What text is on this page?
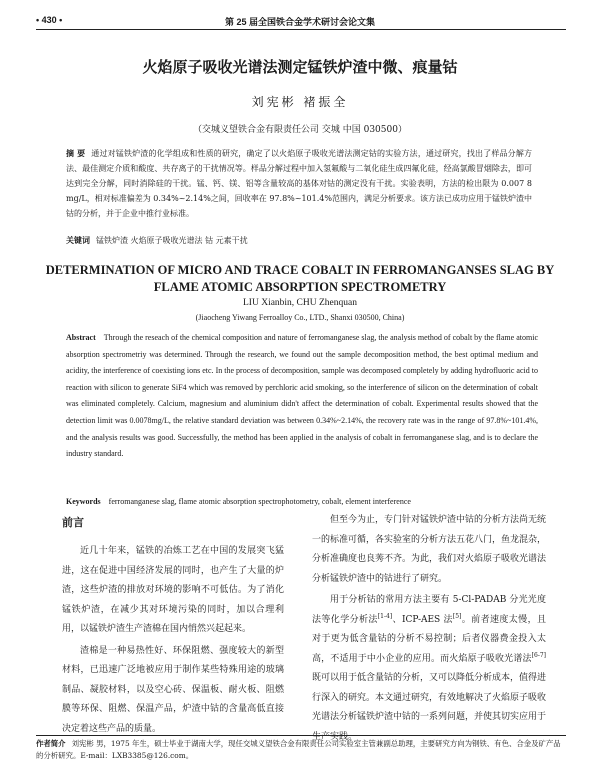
• 430 •	第 25 届全国铁合金学术研讨会论文集
火焰原子吸收光谱法测定锰铁炉渣中微、痕量钴
刘宪彬 褚振全
（交城义望铁合金有限责任公司 交城 中国 030500）
摘 要 通过对锰铁炉渣的化学组成和性质的研究，确定了以火焰原子吸收光谱法测定钴的实验方法，通过研究，找出了样品分解方法、最佳测定介质和酸度、共存离子的干扰情况等。样品分解过程中加入氢氟酸与二氧化硅生成四氟化硅，经高氯酸冒烟除去，即可达到完全分解，同时消除硅的干扰。锰、钙、镁、铝等含量较高的基体对钴的测定没有干扰。实验表明，方法的检出限为 0.007 8 mg/L，相对标准偏差为 0.34%~2.14%之间，回收率在 97.8%~101.4%范围内，满足分析要求。该方法已成功应用于锰铁炉渣中钴的分析，并于企业中推行业标准。
关键词 锰铁炉渣 火焰原子吸收光谱法 钴 元素干扰
DETERMINATION OF MICRO AND TRACE COBALT IN FERROMANGANSES SLAG BY FLAME ATOMIC ABSORPTION SPECTROMETRY
LIU Xianbin, CHU Zhenquan
(Jiaocheng Yiwang Ferroalloy Co., LTD., Shanxi 030500, China)
Abstract Through the reseach of the chemical composition and nature of ferromanganese slag, the analysis method of cobalt by the flame atomic absorption spectrometriy was determined. Through the research, we found out the sample decomposition method, the best optimal medium and acidity, the interference of coexisting ions etc. In the process of decomposition, sample was decomposed completely by adding hydrofluoric acid to reaction with silicon to generate SiF4 which was removed by perchloric acid smoking, so the interference of silicon on the determination of cobalt was eliminated completely. Calcium, magnesium and aluminium didn't affect the determination of cobalt. Experimental results showed that the detection limit was 0.0078mg/L, the relative standard deviation was between 0.34%~2.14%, the recovery rate was in the range of 97.8%~101.4%, and the analysis results was good. Successfully, the method has been applied in the analysis of cobalt in ferromanganese slag, and is to declare the industry standard.
Keywords ferromanganese slag, flame atomic absorption spectrophotometry, cobalt, element interference
前言

近几十年来，锰铁的冶炼工艺在中国的发展突飞猛进，这在促进中国经济发展的同时，也产生了大量的炉渣，这些炉渣的排放对环境的影响不可低估。为了消化锰铁炉渣，在减少其对环境污染的同时，加以合理利用，以锰铁炉渣生产渣棉在国内悄然兴起起来。

渣棉是一种易热性好、环保阻燃、强度较大的新型材料，已迅速广泛地被应用于制作某些特殊用途的玻璃制品、凝胶材料，以及空心砖、保温板、耐火板、阻燃膜等环保、阻燃、保温产品，炉渣中钴的含量高低直接决定着这些产品的质量。

但至今为止，专门针对锰铁炉渣中钴的分析方法尚无统一的标准可循，各实验室的分析方法五花八门，鱼龙混杂，分析准确度也良莠不齐。为此，我们对火焰原子吸收光谱法分析锰铁炉渣中的钴进行了研究。

用于分析钴的常用方法主要有 5-Cl-PADAB 分光光度法等化学分析法[1-4]、ICP-AES 法[5]。前者速度太慢，且对于更为低含量钴的分析不易控制；后者仪器费金投入太高，不适用于中小企业的应用。而火焰原子吸收光谱法[6-7]既可以用于低含量钴的分析，又可以降低分析成本，值得进行深入的研究。本文通过研究，有效地解决了火焰原子吸收光谱法分析锰铁炉渣中钴的一系列问题，并使其切实应用于生产实践。

作者简介 刘宪彬 男，1975 年生，硕士毕业于湖南大学，现任交城义望铁合金有限责任公司实验室主管兼副总助理，主要研究方向为钢铁、有色、合金及矿产品的分析研究。E-mail：LXB3385@126.com。
